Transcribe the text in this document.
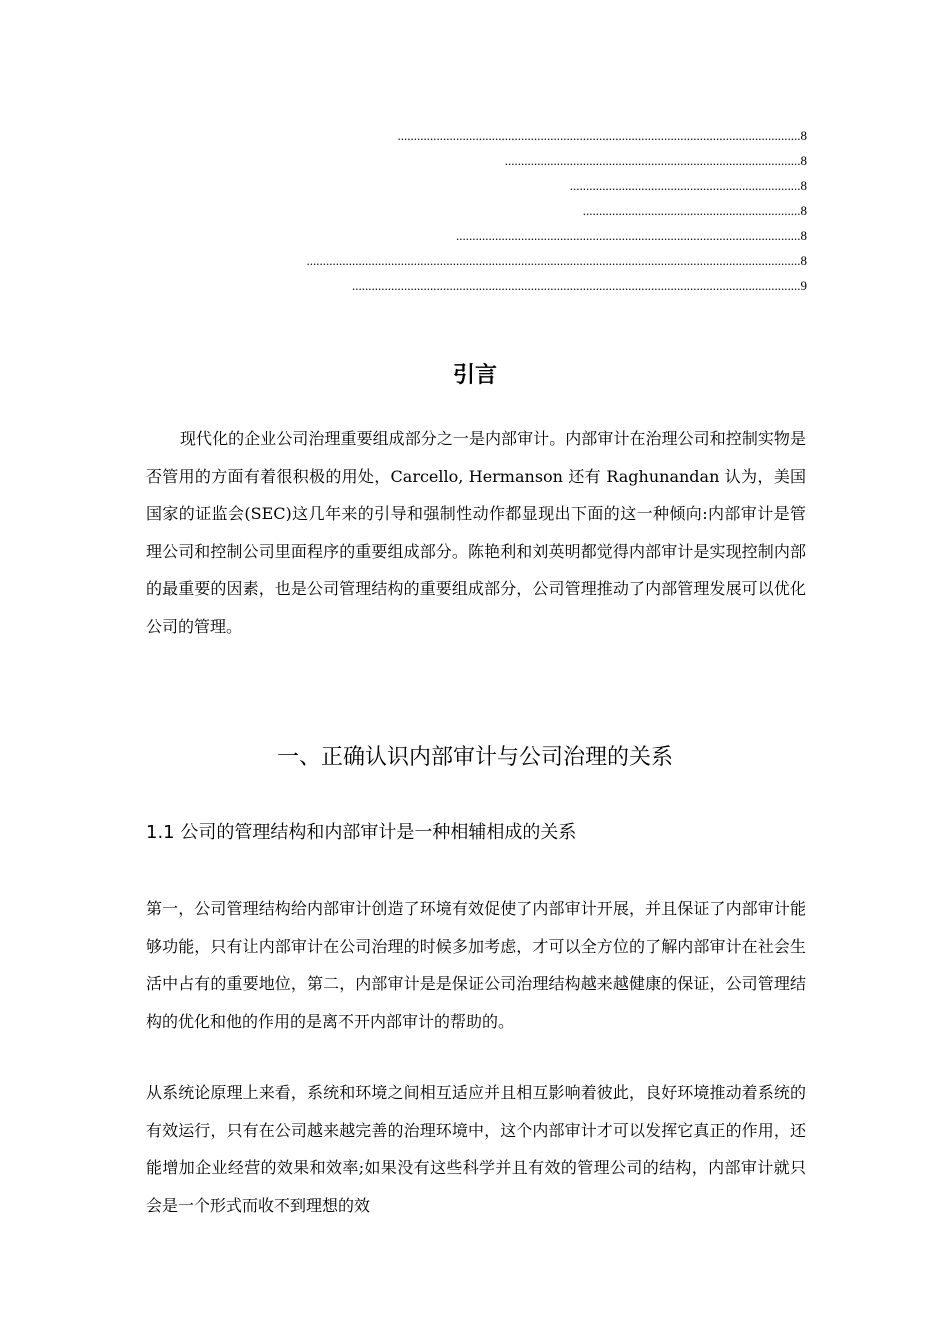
............................................................................................................................8
...........................................................................................8
.......................................................................8
...................................................................8
..........................................................................................................8
........................................................................................................................................................8
..........................................................................................................................................9
引言

现代化的企业公司治理重要组成部分之一是内部审计。内部审计在治理公司和控制实物是否管用的方面有着很积极的用处，Carcello, Hermanson 还有 Raghunandan 认为，美国国家的证监会(SEC)这几年来的引导和强制性动作都显现出下面的这一种倾向:内部审计是管理公司和控制公司里面程序的重要组成部分。陈艳利和刘英明都觉得内部审计是实现控制内部的最重要的因素，也是公司管理结构的重要组成部分，公司管理推动了内部管理发展可以优化公司的管理。

一、正确认识内部审计与公司治理的关系
1.1 公司的管理结构和内部审计是一种相辅相成的关系

第一，公司管理结构给内部审计创造了环境有效促使了内部审计开展，并且保证了内部审计能够功能，只有让内部审计在公司治理的时候多加考虑，才可以全方位的了解内部审计在社会生活中占有的重要地位，第二，内部审计是是保证公司治理结构越来越健康的保证，公司管理结构的优化和他的作用的是离不开内部审计的帮助的。

从系统论原理上来看，系统和环境之间相互适应并且相互影响着彼此，良好环境推动着系统的有效运行，只有在公司越来越完善的治理环境中，这个内部审计才可以发挥它真正的作用，还能增加企业经营的效果和效率;如果没有这些科学并且有效的管理公司的结构，内部审计就只会是一个形式而收不到理想的效
